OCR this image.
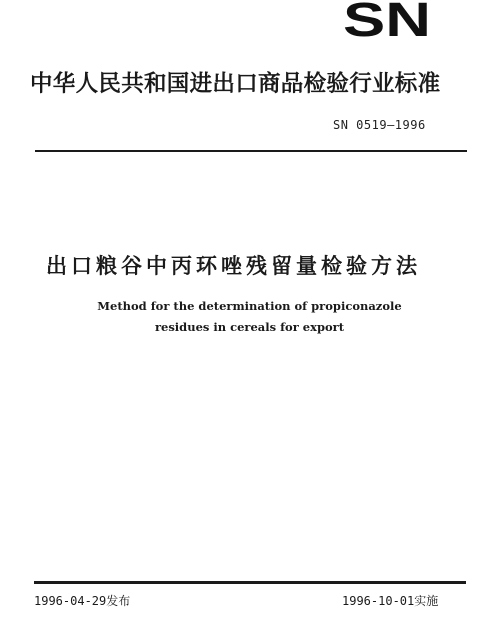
SN
中华人民共和国进出口商品检验行业标准
SN 0519—1996
出口粮谷中丙环唑残留量检验方法
Method for the determination of propiconazole
residues in cereals for export
1996-04-29发布	1996-10-01实施
